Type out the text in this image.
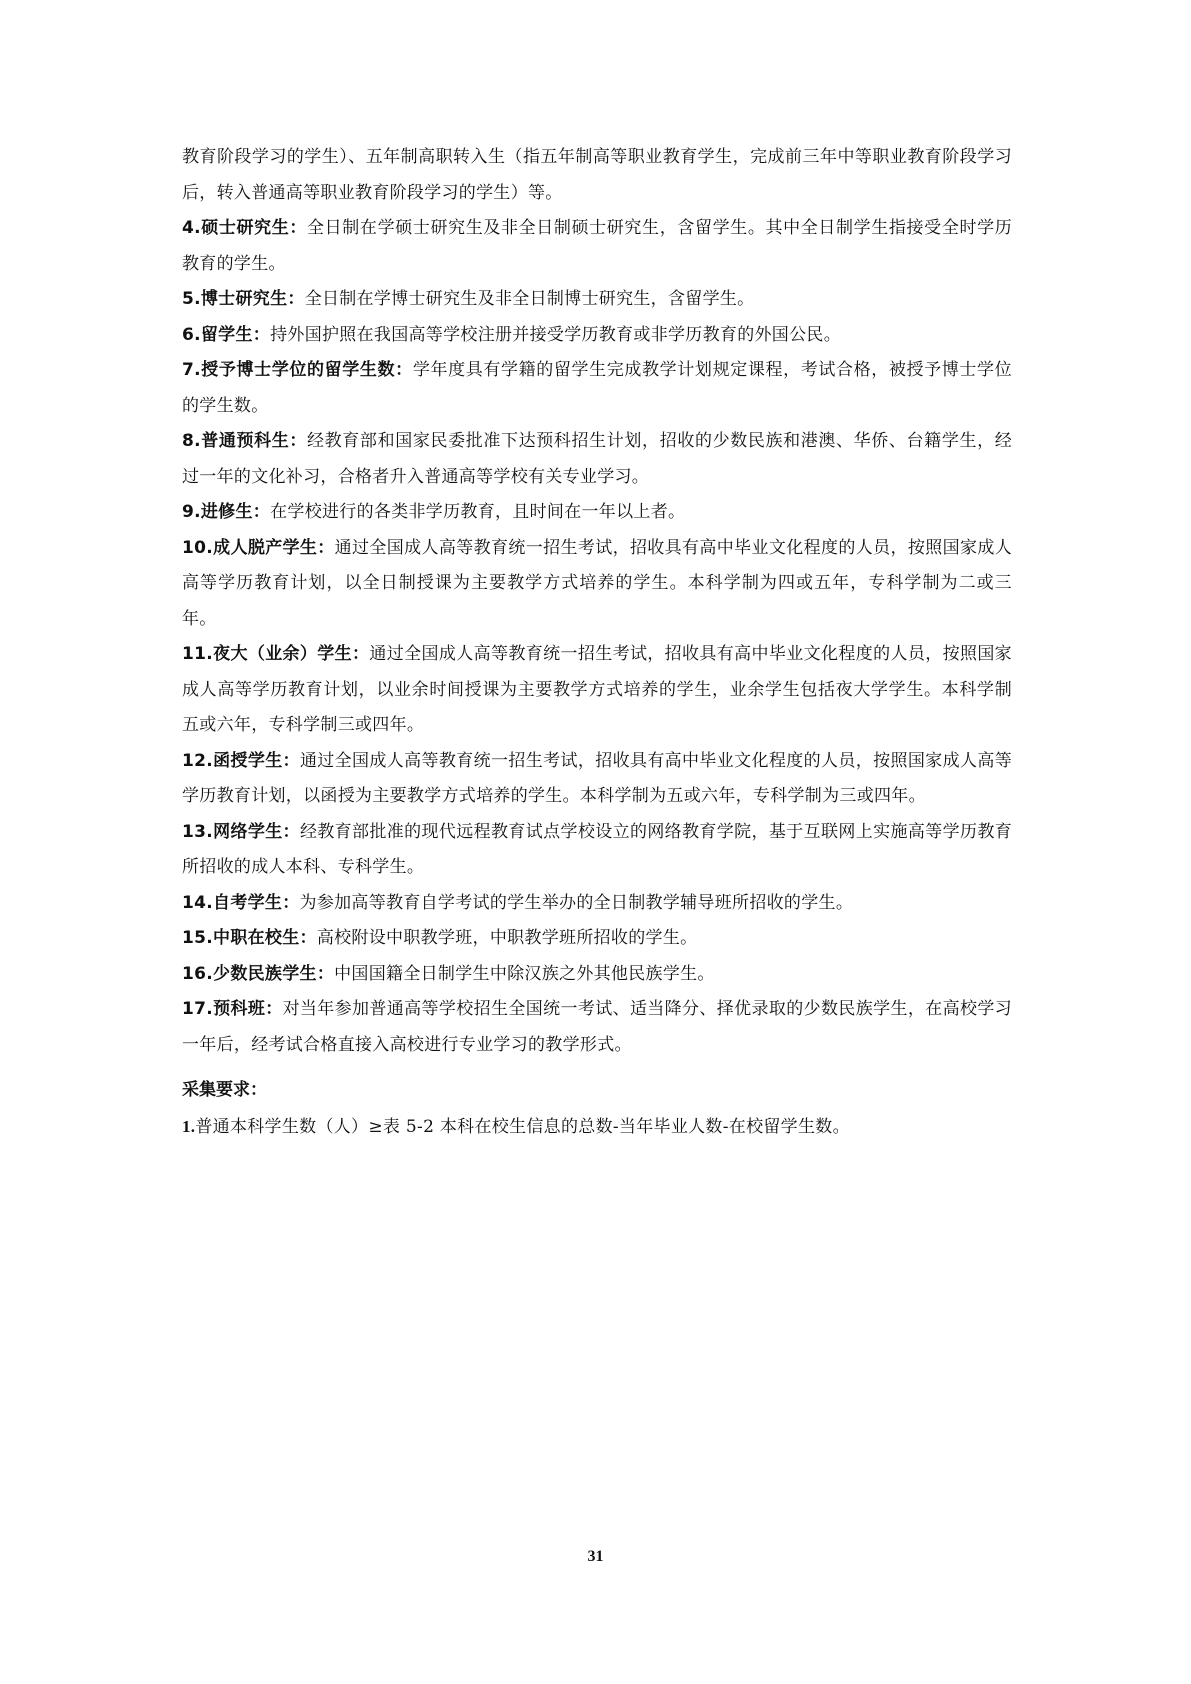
教育阶段学习的学生）、五年制高职转入生（指五年制高等职业教育学生，完成前三年中等职业教育阶段学习后，转入普通高等职业教育阶段学习的学生）等。

4.硕士研究生：全日制在学硕士研究生及非全日制硕士研究生，含留学生。其中全日制学生指接受全时学历教育的学生。

5.博士研究生：全日制在学博士研究生及非全日制博士研究生，含留学生。

6.留学生：持外国护照在我国高等学校注册并接受学历教育或非学历教育的外国公民。

7.授予博士学位的留学生数：学年度具有学籍的留学生完成教学计划规定课程，考试合格，被授予博士学位的学生数。

8.普通预科生：经教育部和国家民委批准下达预科招生计划，招收的少数民族和港澳、华侨、台籍学生，经过一年的文化补习，合格者升入普通高等学校有关专业学习。

9.进修生：在学校进行的各类非学历教育，且时间在一年以上者。

10.成人脱产学生：通过全国成人高等教育统一招生考试，招收具有高中毕业文化程度的人员，按照国家成人高等学历教育计划，以全日制授课为主要教学方式培养的学生。本科学制为四或五年，专科学制为二或三年。

11.夜大（业余）学生：通过全国成人高等教育统一招生考试，招收具有高中毕业文化程度的人员，按照国家成人高等学历教育计划，以业余时间授课为主要教学方式培养的学生，业余学生包括夜大学学生。本科学制五或六年，专科学制三或四年。

12.函授学生：通过全国成人高等教育统一招生考试，招收具有高中毕业文化程度的人员，按照国家成人高等学历教育计划，以函授为主要教学方式培养的学生。本科学制为五或六年，专科学制为三或四年。

13.网络学生：经教育部批准的现代远程教育试点学校设立的网络教育学院，基于互联网上实施高等学历教育所招收的成人本科、专科学生。

14.自考学生：为参加高等教育自学考试的学生举办的全日制教学辅导班所招收的学生。

15.中职在校生：高校附设中职教学班，中职教学班所招收的学生。

16.少数民族学生：中国国籍全日制学生中除汉族之外其他民族学生。

17.预科班：对当年参加普通高等学校招生全国统一考试、适当降分、择优录取的少数民族学生，在高校学习一年后，经考试合格直接入高校进行专业学习的教学形式。

采集要求：

1.普通本科学生数（人）≥表 5-2 本科在校生信息的总数-当年毕业人数-在校留学生数。

31
